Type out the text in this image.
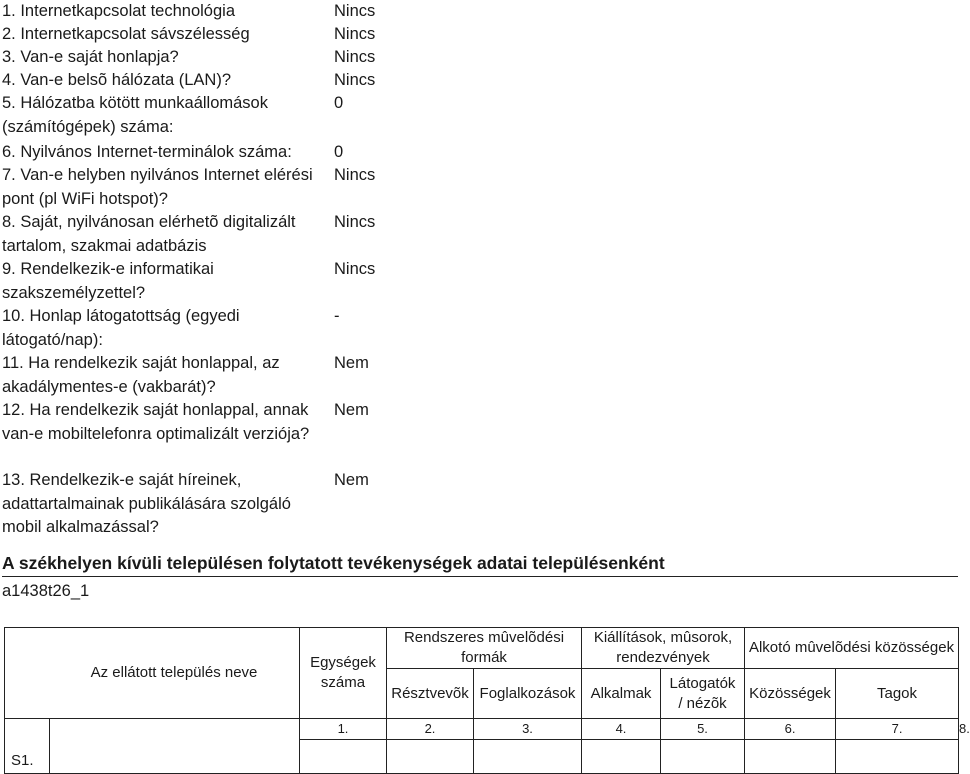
1. Internetkapcsolat technológia	Nincs
2. Internetkapcsolat sávszélesség	Nincs
3. Van-e saját honlapja?	Nincs
4. Van-e belsõ hálózata (LAN)?	Nincs
5. Hálózatba kötött munkaállomások (számítógépek) száma:
0
6. Nyilvános Internet-terminálok száma:	0
7. Van-e helyben nyilvános Internet elérési pont (pl WiFi hotspot)?
Nincs
8. Saját, nyilvánosan elérhetõ digitalizált tartalom, szakmai adatbázis
Nincs
9. Rendelkezik-e informatikai szakszemélyzettel?
Nincs
10. Honlap látogatottság (egyedi látogató/nap):
-
11. Ha rendelkezik saját honlappal, az akadálymentes-e (vakbarát)?
Nem
12. Ha rendelkezik saját honlappal, annak van-e mobiltelefonra optimalizált verziója?
Nem
13. Rendelkezik-e saját híreinek, adattartalmainak publikálására szolgáló mobil alkalmazással?
Nem
A székhelyen kívüli településen folytatott tevékenységek adatai településenként
a1438t26_1
Az ellátott település neve		Egységek száma	Rendszeres mûvelõdési formák		Kiállítások, mûsorok, rendezvények		Alkotó mûvelõdési közösségek		
			Résztvevõk	Foglalkozások	Alkalmak	Látogatók / nézõk	Közösségek	Tagok	
S1.		1.	2.	3.	4.	5.	6.	7.	8.
